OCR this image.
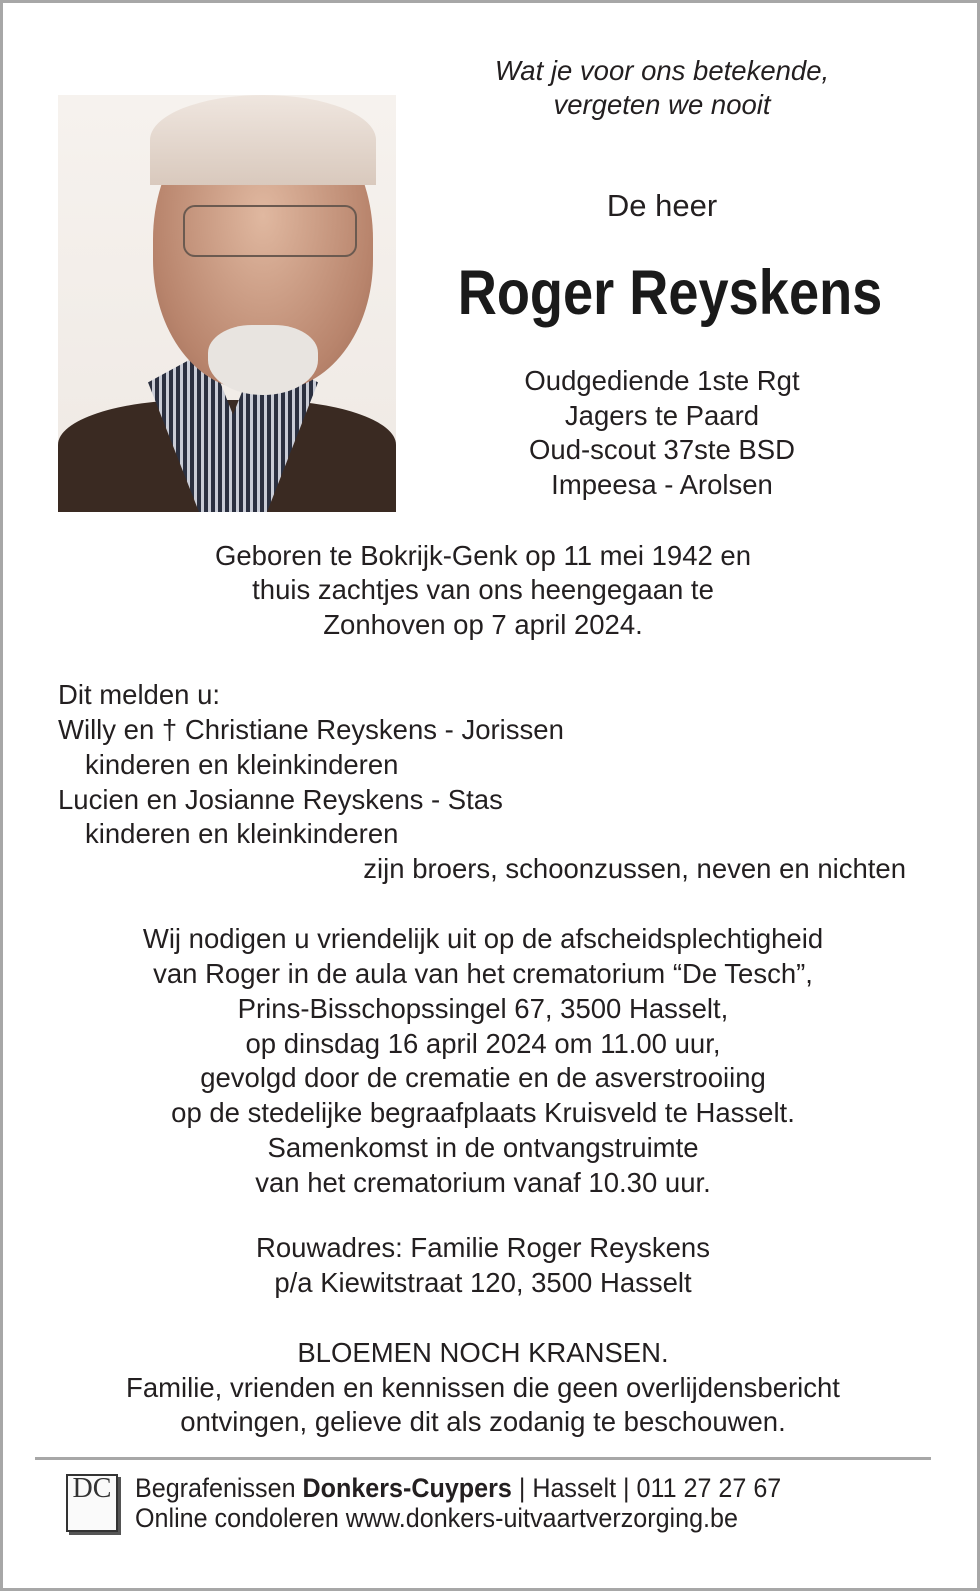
Wat je voor ons betekende,
vergeten we nooit
De heer
Roger Reyskens
Oudgediende 1ste Rgt
Jagers te Paard
Oud-scout 37ste BSD
Impeesa - Arolsen
Geboren te Bokrijk-Genk op 11 mei 1942 en
thuis zachtjes van ons heengegaan te
Zonhoven op 7 april 2024.
Dit melden u:
Willy en † Christiane Reyskens - Jorissen
kinderen en kleinkinderen
Lucien en Josianne Reyskens - Stas
kinderen en kleinkinderen
zijn broers, schoonzussen, neven en nichten
Wij nodigen u vriendelijk uit op de afscheidsplechtigheid
van Roger in de aula van het crematorium “De Tesch”,
Prins-Bisschopssingel 67, 3500 Hasselt,
op dinsdag 16 april 2024 om 11.00 uur,
gevolgd door de crematie en de asverstrooiing
op de stedelijke begraafplaats Kruisveld te Hasselt.
Samenkomst in de ontvangstruimte
van het crematorium vanaf 10.30 uur.
Rouwadres: Familie Roger Reyskens
p/a Kiewitstraat 120, 3500 Hasselt
BLOEMEN NOCH KRANSEN.
Familie, vrienden en kennissen die geen overlijdensbericht
ontvingen, gelieve dit als zodanig te beschouwen.
DC Begrafenissen Donkers-Cuypers | Hasselt | 011 27 27 67
Online condoleren www.donkers-uitvaartverzorging.be
